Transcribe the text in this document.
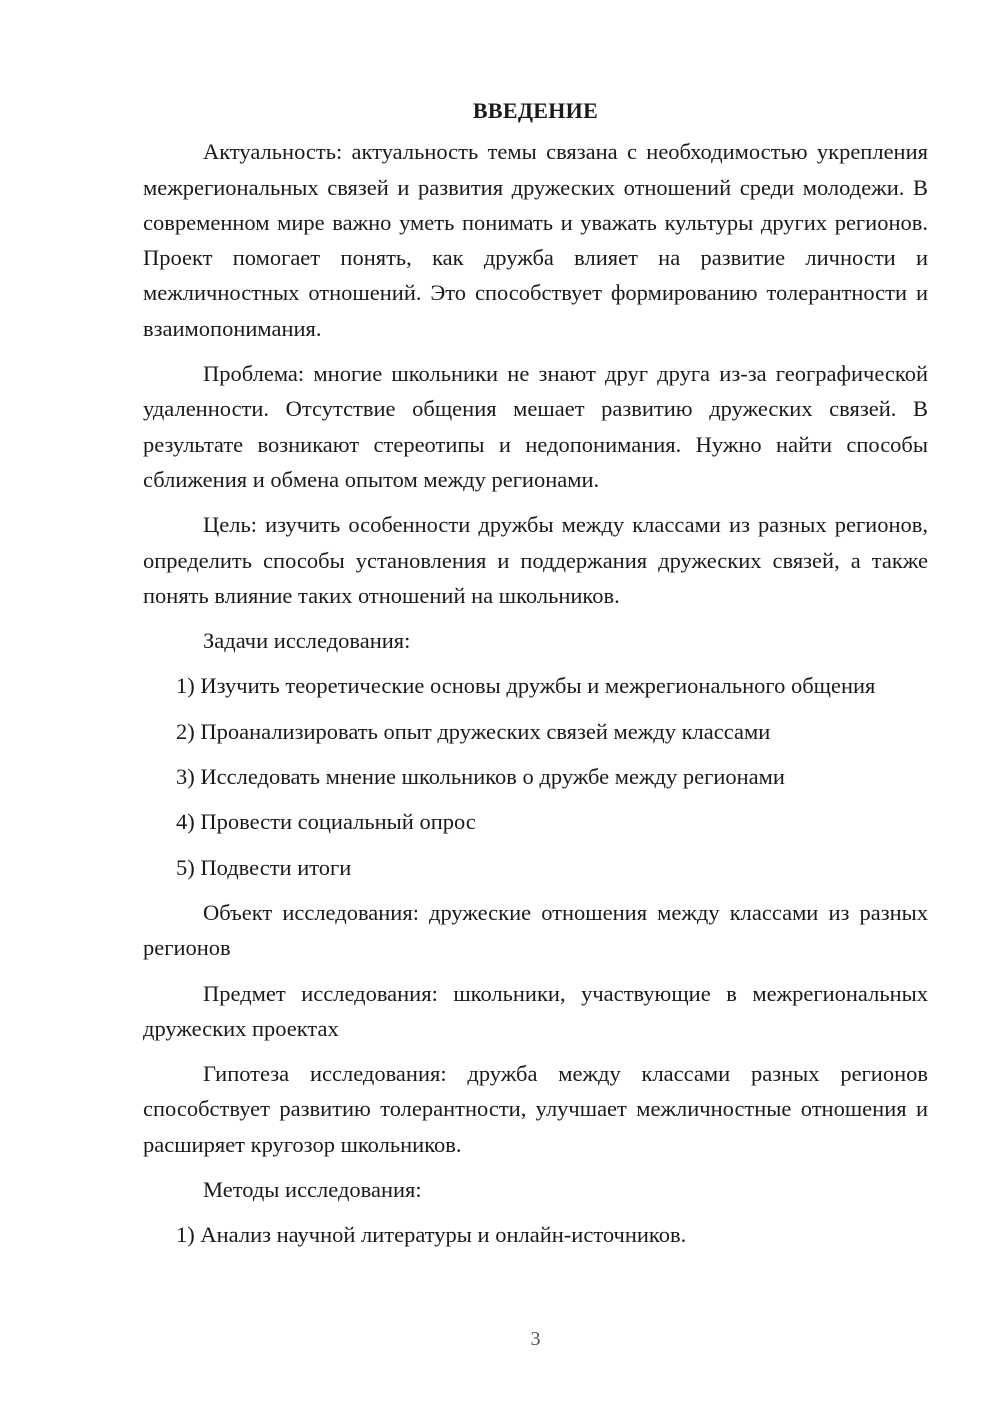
ВВЕДЕНИЕ

Актуальность: актуальность темы связана с необходимостью укрепления межрегиональных связей и развития дружеских отношений среди молодежи. В современном мире важно уметь понимать и уважать культуры других регионов. Проект помогает понять, как дружба влияет на развитие личности и межличностных отношений. Это способствует формированию толерантности и взаимопонимания.

Проблема: многие школьники не знают друг друга из-за географической удаленности. Отсутствие общения мешает развитию дружеских связей. В результате возникают стереотипы и недопонимания. Нужно найти способы сближения и обмена опытом между регионами.

Цель: изучить особенности дружбы между классами из разных регионов, определить способы установления и поддержания дружеских связей, а также понять влияние таких отношений на школьников.

Задачи исследования:

1) Изучить теоретические основы дружбы и межрегионального общения

2) Проанализировать опыт дружеских связей между классами

3) Исследовать мнение школьников о дружбе между регионами

4) Провести социальный опрос

5) Подвести итоги

Объект исследования: дружеские отношения между классами из разных регионов

Предмет исследования: школьники, участвующие в межрегиональных дружеских проектах

Гипотеза исследования: дружба между классами разных регионов способствует развитию толерантности, улучшает межличностные отношения и расширяет кругозор школьников.

Методы исследования:

1) Анализ научной литературы и онлайн-источников.

3
